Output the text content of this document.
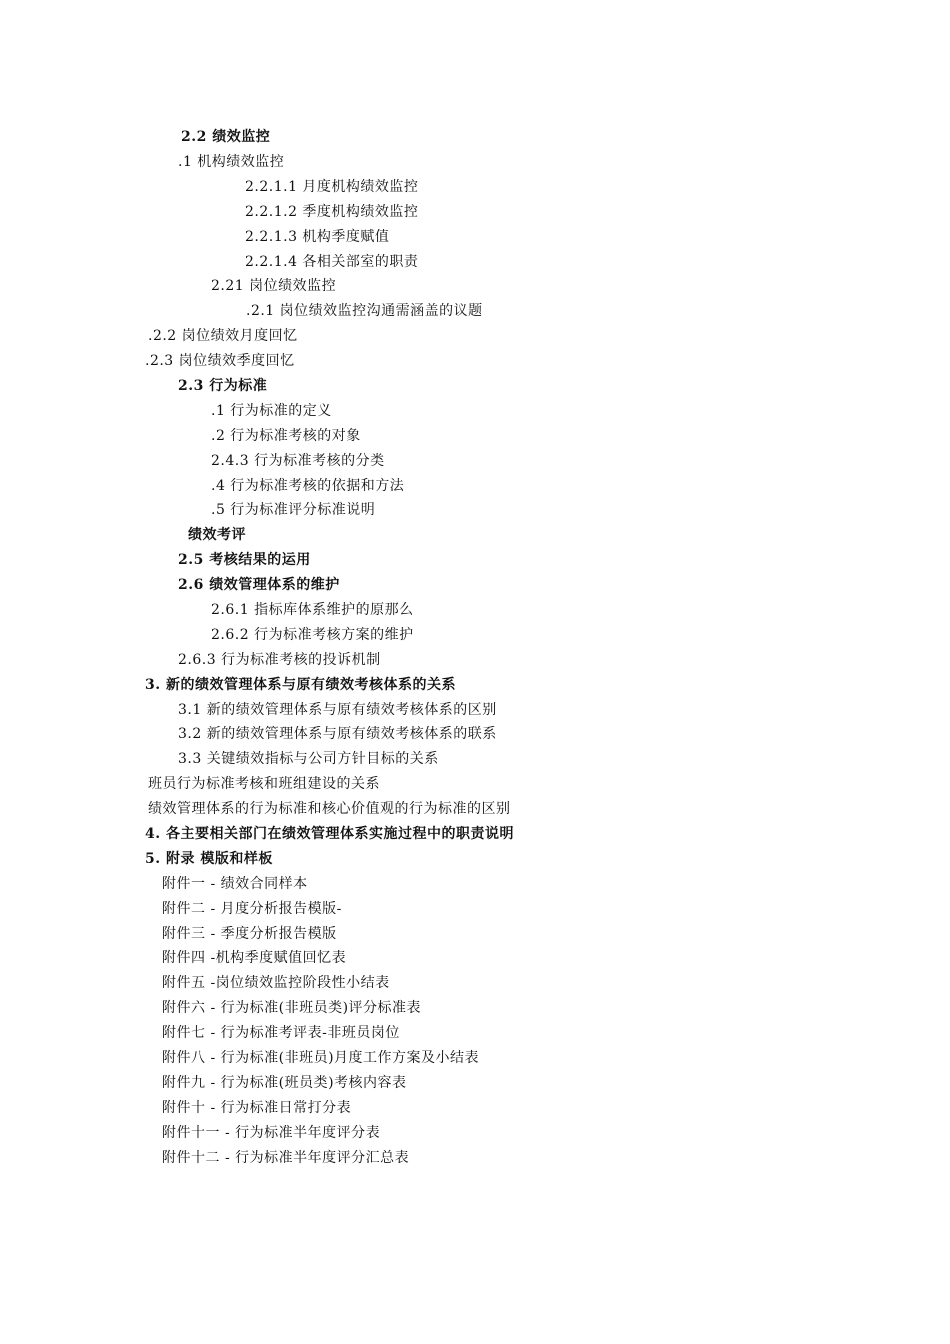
2.2 绩效监控
.1 机构绩效监控
2.2.1.1 月度机构绩效监控
2.2.1.2 季度机构绩效监控
2.2.1.3 机构季度赋值
2.2.1.4 各相关部室的职责
2.21 岗位绩效监控
.2.1 岗位绩效监控沟通需涵盖的议题
.2.2 岗位绩效月度回忆
.2.3 岗位绩效季度回忆
2.3 行为标准
.1 行为标准的定义
.2 行为标准考核的对象
2.4.3 行为标准考核的分类
.4 行为标准考核的依据和方法
.5 行为标准评分标准说明
绩效考评
2.5 考核结果的运用
2.6 绩效管理体系的维护
2.6.1 指标库体系维护的原那么
2.6.2 行为标准考核方案的维护
2.6.3 行为标准考核的投诉机制
3. 新的绩效管理体系与原有绩效考核体系的关系
3.1 新的绩效管理体系与原有绩效考核体系的区别
3.2 新的绩效管理体系与原有绩效考核体系的联系
3.3 关键绩效指标与公司方针目标的关系
班员行为标准考核和班组建设的关系
绩效管理体系的行为标准和核心价值观的行为标准的区别
4. 各主要相关部门在绩效管理体系实施过程中的职责说明
5. 附录 模版和样板
附件一 - 绩效合同样本
附件二 - 月度分析报告模版-
附件三 - 季度分析报告模版
附件四 -机构季度赋值回忆表
附件五 -岗位绩效监控阶段性小结表
附件六 - 行为标准(非班员类)评分标准表
附件七 - 行为标准考评表-非班员岗位
附件八 - 行为标准(非班员)月度工作方案及小结表
附件九 - 行为标准(班员类)考核内容表
附件十 - 行为标准日常打分表
附件十一 - 行为标准半年度评分表
附件十二 - 行为标准半年度评分汇总表
